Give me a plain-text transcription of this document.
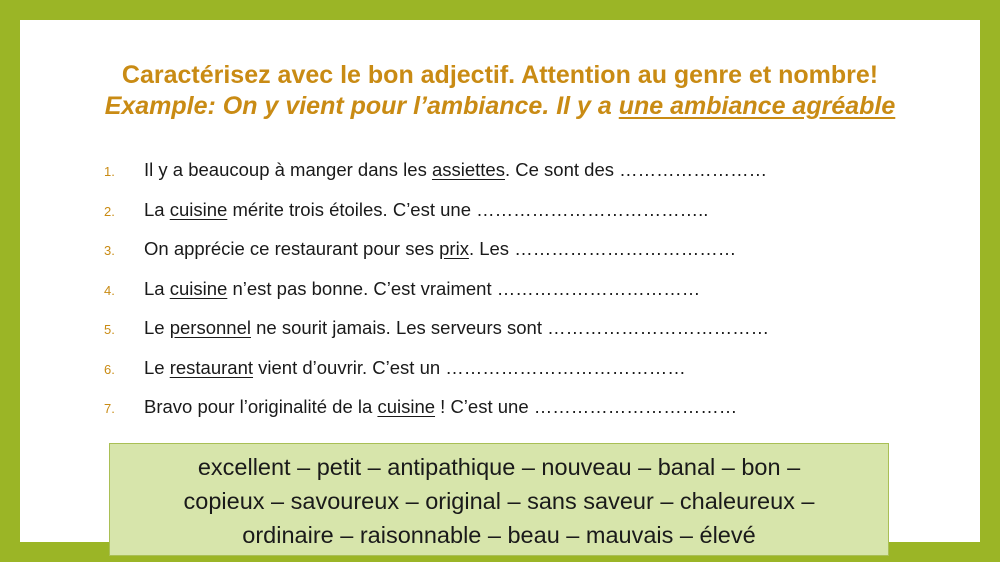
Caractérisez avec le bon adjectif. Attention au genre et nombre!
Example: On y vient pour l’ambiance. Il y a une ambiance agréable
1. Il y a beaucoup à manger dans les assiettes. Ce sont des ……………………
2. La cuisine mérite trois étoiles. C’est une ………………………………..
3. On apprécie ce restaurant pour ses prix. Les ………………………………
4. La cuisine n’est pas bonne. C’est vraiment ……………………………
5. Le personnel ne sourit jamais. Les serveurs sont ………………………………
6. Le restaurant vient d’ouvrir. C’est un …………………………………
7. Bravo pour l’originalité de la cuisine ! C’est une ……………………………
excellent – petit – antipathique – nouveau – banal – bon –
copieux – savoureux – original – sans saveur – chaleureux –
ordinaire – raisonnable – beau – mauvais – élevé
